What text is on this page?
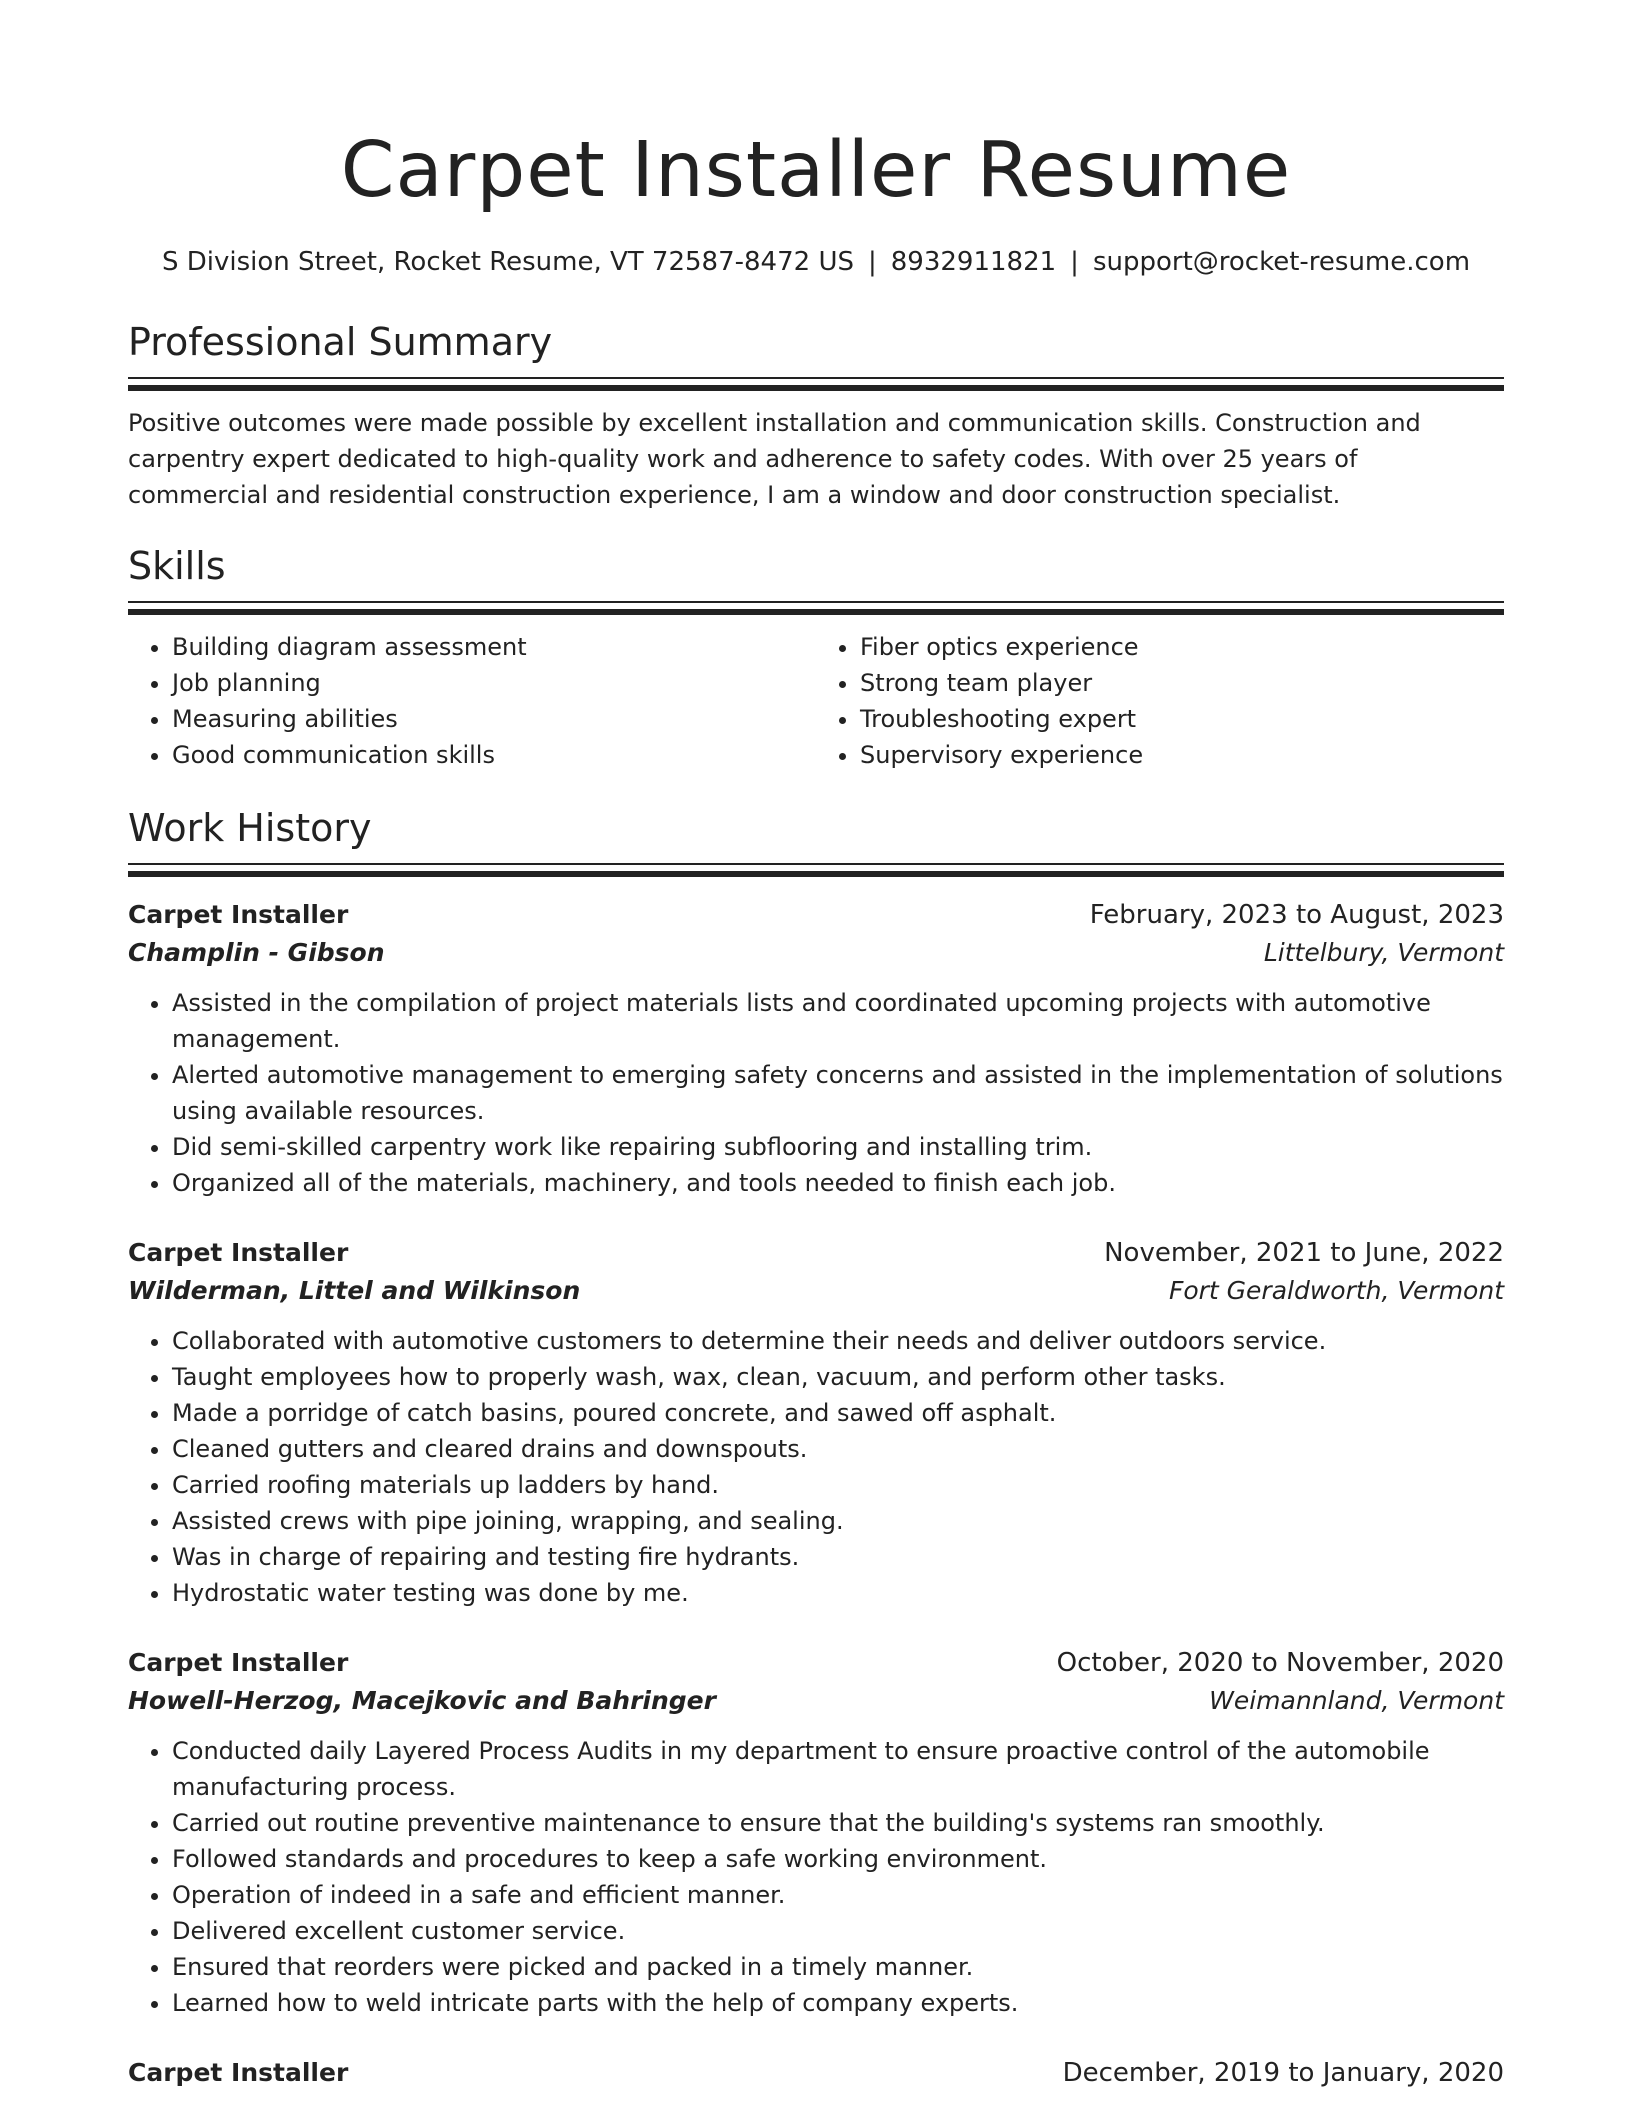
Carpet Installer Resume
S Division Street, Rocket Resume, VT 72587-8472 US | 8932911821 | support@rocket-resume.com
Professional Summary

Positive outcomes were made possible by excellent installation and communication skills. Construction and carpentry expert dedicated to high-quality work and adherence to safety codes. With over 25 years of commercial and residential construction experience, I am a window and door construction specialist.

Skills
• Building diagram assessment
• Job planning
• Measuring abilities
• Good communication skills
• Fiber optics experience
• Strong team player
• Troubleshooting expert
• Supervisory experience
Work History
Carpet Installer	February, 2023 to August, 2023
Champlin - Gibson	Littelbury, Vermont
• Assisted in the compilation of project materials lists and coordinated upcoming projects with automotive management.
• Alerted automotive management to emerging safety concerns and assisted in the implementation of solutions using available resources.
• Did semi-skilled carpentry work like repairing subflooring and installing trim.
• Organized all of the materials, machinery, and tools needed to finish each job.
Carpet Installer	November, 2021 to June, 2022
Wilderman, Littel and Wilkinson	Fort Geraldworth, Vermont
• Collaborated with automotive customers to determine their needs and deliver outdoors service.
• Taught employees how to properly wash, wax, clean, vacuum, and perform other tasks.
• Made a porridge of catch basins, poured concrete, and sawed off asphalt.
• Cleaned gutters and cleared drains and downspouts.
• Carried roofing materials up ladders by hand.
• Assisted crews with pipe joining, wrapping, and sealing.
• Was in charge of repairing and testing fire hydrants.
• Hydrostatic water testing was done by me.
Carpet Installer	October, 2020 to November, 2020
Howell-Herzog, Macejkovic and Bahringer	Weimannland, Vermont
• Conducted daily Layered Process Audits in my department to ensure proactive control of the automobile manufacturing process.
• Carried out routine preventive maintenance to ensure that the building's systems ran smoothly.
• Followed standards and procedures to keep a safe working environment.
• Operation of indeed in a safe and efficient manner.
• Delivered excellent customer service.
• Ensured that reorders were picked and packed in a timely manner.
• Learned how to weld intricate parts with the help of company experts.
Carpet Installer	December, 2019 to January, 2020
